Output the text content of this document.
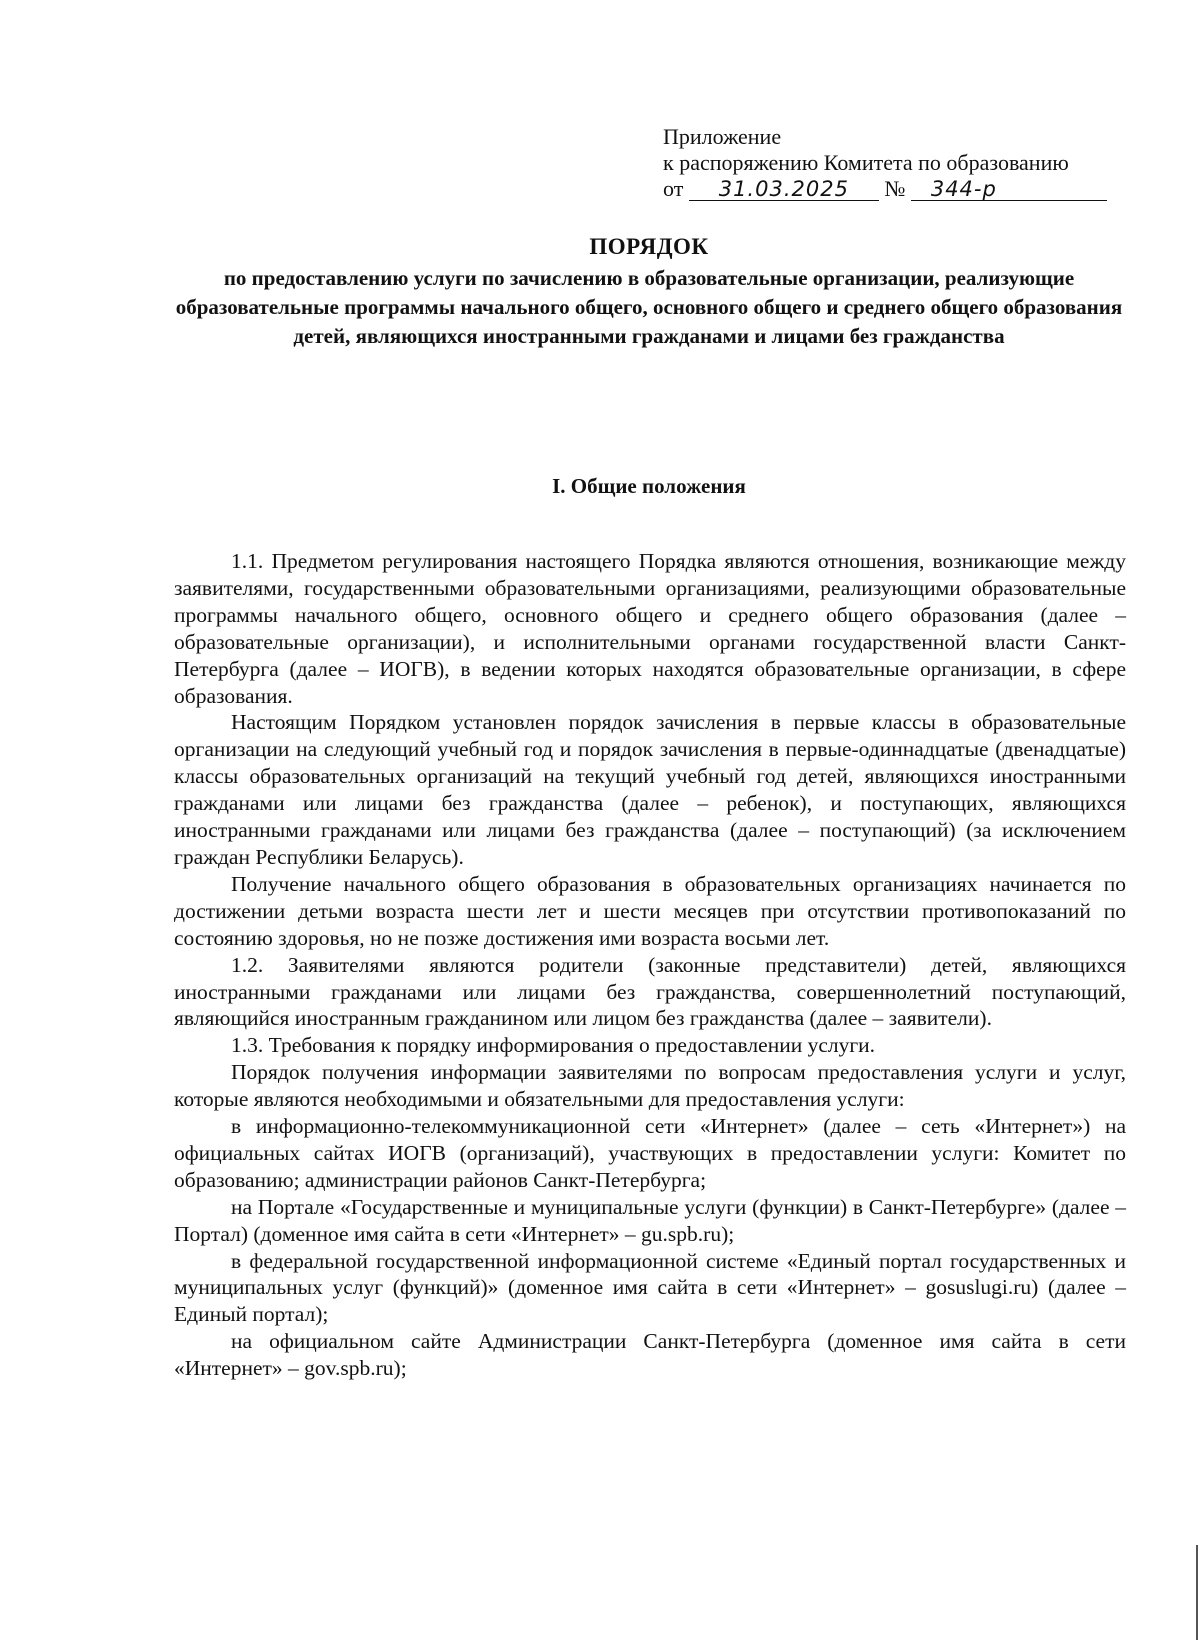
Приложение
к распоряжению Комитета по образованию
от 31.03.2025 № 344-р
ПОРЯДОК
по предоставлению услуги по зачислению в образовательные организации, реализующие образовательные программы начального общего, основного общего и среднего общего образования детей, являющихся иностранными гражданами и лицами без гражданства
I. Общие положения

1.1. Предметом регулирования настоящего Порядка являются отношения, возникающие между заявителями, государственными образовательными организациями, реализующими образовательные программы начального общего, основного общего и среднего общего образования (далее – образовательные организации), и исполнительными органами государственной власти Санкт-Петербурга (далее – ИОГВ), в ведении которых находятся образовательные организации, в сфере образования.

Настоящим Порядком установлен порядок зачисления в первые классы в образовательные организации на следующий учебный год и порядок зачисления в первые-одиннадцатые (двенадцатые) классы образовательных организаций на текущий учебный год детей, являющихся иностранными гражданами или лицами без гражданства (далее – ребенок), и поступающих, являющихся иностранными гражданами или лицами без гражданства (далее – поступающий) (за исключением граждан Республики Беларусь).

Получение начального общего образования в образовательных организациях начинается по достижении детьми возраста шести лет и шести месяцев при отсутствии противопоказаний по состоянию здоровья, но не позже достижения ими возраста восьми лет.

1.2. Заявителями являются родители (законные представители) детей, являющихся иностранными гражданами или лицами без гражданства, совершеннолетний поступающий, являющийся иностранным гражданином или лицом без гражданства (далее – заявители).

1.3. Требования к порядку информирования о предоставлении услуги.

Порядок получения информации заявителями по вопросам предоставления услуги и услуг, которые являются необходимыми и обязательными для предоставления услуги:

в информационно-телекоммуникационной сети «Интернет» (далее – сеть «Интернет») на официальных сайтах ИОГВ (организаций), участвующих в предоставлении услуги: Комитет по образованию; администрации районов Санкт-Петербурга;

на Портале «Государственные и муниципальные услуги (функции) в Санкт-Петербурге» (далее – Портал) (доменное имя сайта в сети «Интернет» – gu.spb.ru);

в федеральной государственной информационной системе «Единый портал государственных и муниципальных услуг (функций)» (доменное имя сайта в сети «Интернет» – gosuslugi.ru) (далее – Единый портал);

на официальном сайте Администрации Санкт-Петербурга (доменное имя сайта в сети «Интернет» – gov.spb.ru);
